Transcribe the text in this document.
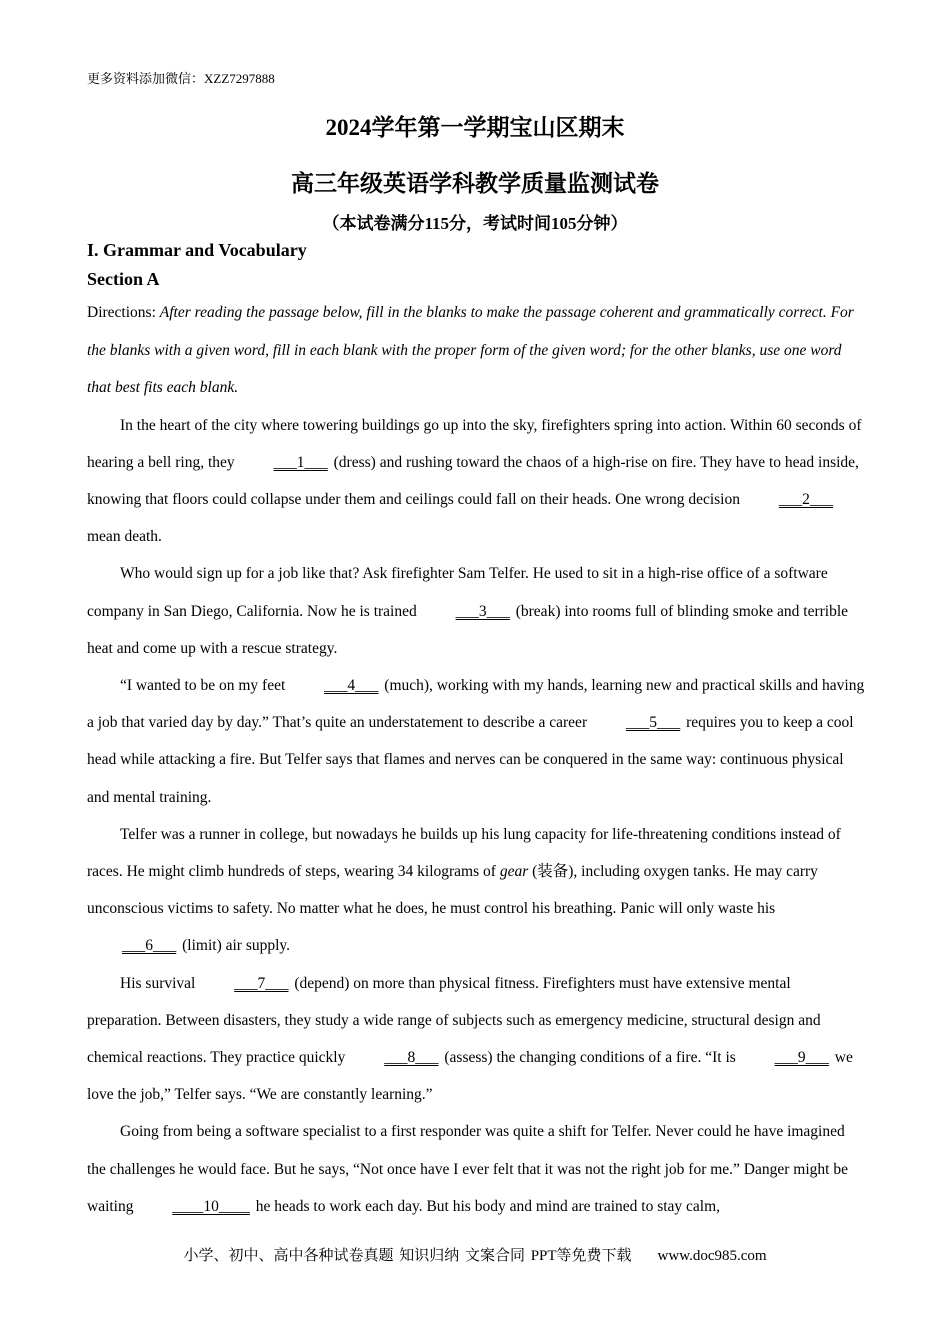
更多资料添加微信：XZZ7297888
2024学年第一学期宝山区期末
高三年级英语学科教学质量监测试卷
（本试卷满分115分，考试时间105分钟）

I. Grammar and Vocabulary

Section A

Directions: After reading the passage below, fill in the blanks to make the passage coherent and grammatically correct. For the blanks with a given word, fill in each blank with the proper form of the given word; for the other blanks, use one word that best fits each blank.

In the heart of the city where towering buildings go up into the sky, firefighters spring into action. Within 60 seconds of hearing a bell ring, they ___1___ (dress) and rushing toward the chaos of a high-rise on fire. They have to head inside, knowing that floors could collapse under them and ceilings could fall on their heads. One wrong decision ___2___ mean death.

Who would sign up for a job like that? Ask firefighter Sam Telfer. He used to sit in a high-rise office of a software company in San Diego, California. Now he is trained ___3___ (break) into rooms full of blinding smoke and terrible heat and come up with a rescue strategy.

“I wanted to be on my feet ___4___ (much), working with my hands, learning new and practical skills and having a job that varied day by day.” That’s quite an understatement to describe a career ___5___ requires you to keep a cool head while attacking a fire. But Telfer says that flames and nerves can be conquered in the same way: continuous physical and mental training.

Telfer was a runner in college, but nowadays he builds up his lung capacity for life-threatening conditions instead of races. He might climb hundreds of steps, wearing 34 kilograms of gear (装备), including oxygen tanks. He may carry unconscious victims to safety. No matter what he does, he must control his breathing. Panic will only waste his ___6___ (limit) air supply.

His survival ___7___ (depend) on more than physical fitness. Firefighters must have extensive mental preparation. Between disasters, they study a wide range of subjects such as emergency medicine, structural design and chemical reactions. They practice quickly ___8___ (assess) the changing conditions of a fire. “It is ___9___ we love the job,” Telfer says. “We are constantly learning.”

Going from being a software specialist to a first responder was quite a shift for Telfer. Never could he have imagined the challenges he would face. But he says, “Not once have I ever felt that it was not the right job for me.” Danger might be waiting ____10____ he heads to work each day. But his body and mind are trained to stay calm,

小学、初中、高中各种试卷真题 知识归纳 文案合同 PPT等免费下载 www.doc985.com
